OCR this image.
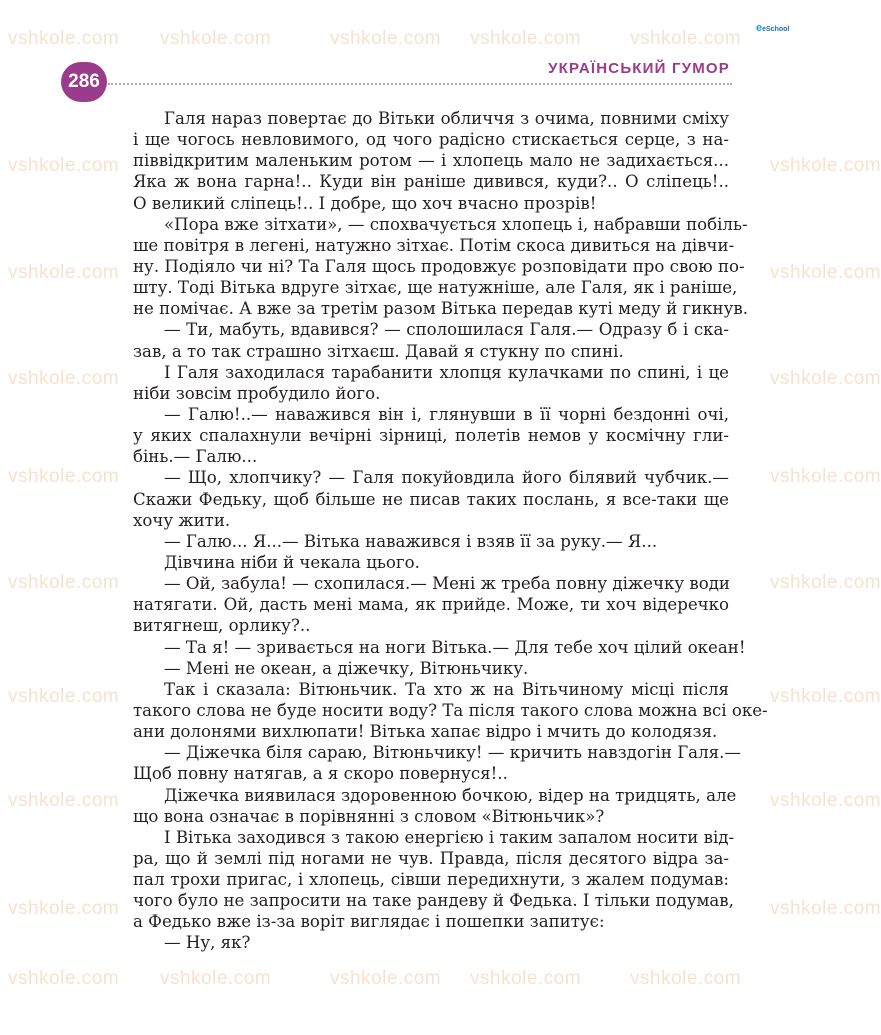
vshkole.com vshkole.com	vshkole.com vshkole.com	vshkole.com
vshkole.com	vshkole.com
vshkole.com	vshkole.com
vshkole.com	vshkole.com
vshkole.com	vshkole.com
vshkole.com	vshkole.com
vshkole.com	vshkole.com
vshkole.com	vshkole.com
vshkole.com	vshkole.com
vshkole.com vshkole.com	vshkole.com vshkole.com	vshkole.com
eеSchool
286
УКРАЇНСЬКИЙ ГУМОР
Галя нараз повертає до Вітьки обличчя з очима, повними сміху
і ще чогось невловимого, од чого радісно стискається серце, з на-
піввідкритим маленьким ротом — і хлопець мало не задихається...
Яка ж вона гарна!.. Куди він раніше дивився, куди?.. О сліпець!..
О великий сліпець!.. І добре, що хоч вчасно прозрів!
«Пора вже зітхати», — спохвачується хлопець і, набравши побіль-
ше повітря в легені, натужно зітхає. Потім скоса дивиться на дівчи-
ну. Подіяло чи ні? Та Галя щось продовжує розповідати про свою по-
шту. Тоді Вітька вдруге зітхає, ще натужніше, але Галя, як і раніше,
не помічає. А вже за третім разом Вітька передав куті меду й гикнув.
— Ти, мабуть, вдавився? — сполошилася Галя.— Одразу б і ска-
зав, а то так страшно зітхаєш. Давай я стукну по спині.
І Галя заходилася тарабанити хлопця кулачками по спині, і це
ніби зовсім пробудило його.
— Галю!..— наважився він і, глянувши в її чорні бездонні очі,
у яких спалахнули вечірні зірниці, полетів немов у космічну гли-
бінь.— Галю...
— Що, хлопчику? — Галя покуйовдила його білявий чубчик.—
Скажи Федьку, щоб більше не писав таких послань, я все-таки ще
хочу жити.
— Галю... Я...— Вітька наважився і взяв її за руку.— Я...
Дівчина ніби й чекала цього.
— Ой, забула! — схопилася.— Мені ж треба повну діжечку води
натягати. Ой, дасть мені мама, як прийде. Може, ти хоч відеречко
витягнеш, орлику?..
— Та я! — зривається на ноги Вітька.— Для тебе хоч цілий океан!
— Мені не океан, а діжечку, Вітюньчику.
Так і сказала: Вітюньчик. Та хто ж на Вітьчиному місці після
такого слова не буде носити воду? Та після такого слова можна всі оке-
ани долонями вихлюпати! Вітька хапає відро і мчить до колодязя.
— Діжечка біля сараю, Вітюньчику! — кричить навздогін Галя.—
Щоб повну натягав, а я скоро повернуся!..
Діжечка виявилася здоровенною бочкою, відер на тридцять, але
що вона означає в порівнянні з словом «Вітюньчик»?
І Вітька заходився з такою енергією і таким запалом носити від-
ра, що й землі під ногами не чув. Правда, після десятого відра за-
пал трохи пригас, і хлопець, сівши передихнути, з жалем подумав:
чого було не запросити на таке рандеву й Федька. І тільки подумав,
а Федько вже із-за воріт виглядає і пошепки запитує:
— Ну, як?
